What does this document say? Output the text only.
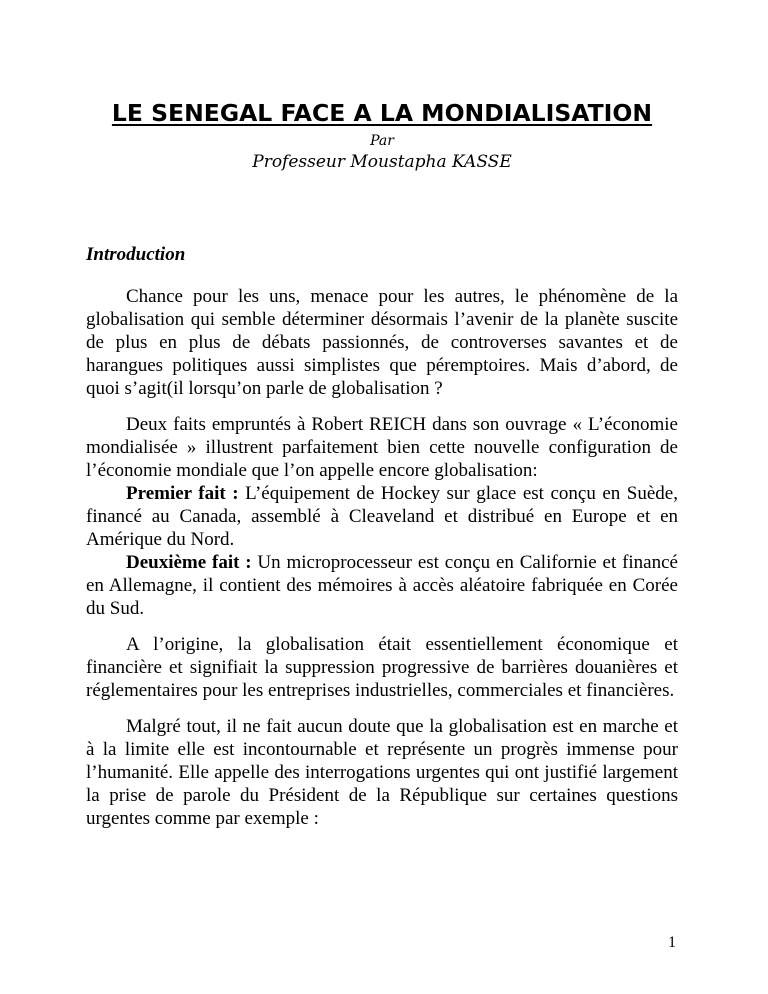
LE SENEGAL FACE A LA MONDIALISATION
Par
Professeur Moustapha KASSE
Introduction

Chance pour les uns, menace pour les autres, le phénomène de la globalisation qui semble déterminer désormais l’avenir de la planète suscite de plus en plus de débats passionnés, de controverses savantes et de harangues politiques aussi simplistes que péremptoires. Mais d’abord, de quoi s’agit(il lorsqu’on parle de globalisation ?

Deux faits empruntés à Robert REICH dans son ouvrage « L’économie mondialisée » illustrent parfaitement bien cette nouvelle configuration de l’économie mondiale que l’on appelle encore globalisation:

Premier fait : L’équipement de Hockey sur glace est conçu en Suède, financé au Canada, assemblé à Cleaveland et distribué en Europe et en Amérique du Nord.

Deuxième fait : Un microprocesseur est conçu en Californie et financé en Allemagne, il contient des mémoires à accès aléatoire fabriquée en Corée du Sud.

A l’origine, la globalisation était essentiellement économique et financière et signifiait la suppression progressive de barrières douanières et réglementaires pour les entreprises industrielles, commerciales et financières.

Malgré tout, il ne fait aucun doute que la globalisation est en marche et à la limite elle est incontournable et représente un progrès immense pour l’humanité. Elle appelle des interrogations urgentes qui ont justifié largement la prise de parole du Président de la République sur certaines questions urgentes comme par exemple :

1
